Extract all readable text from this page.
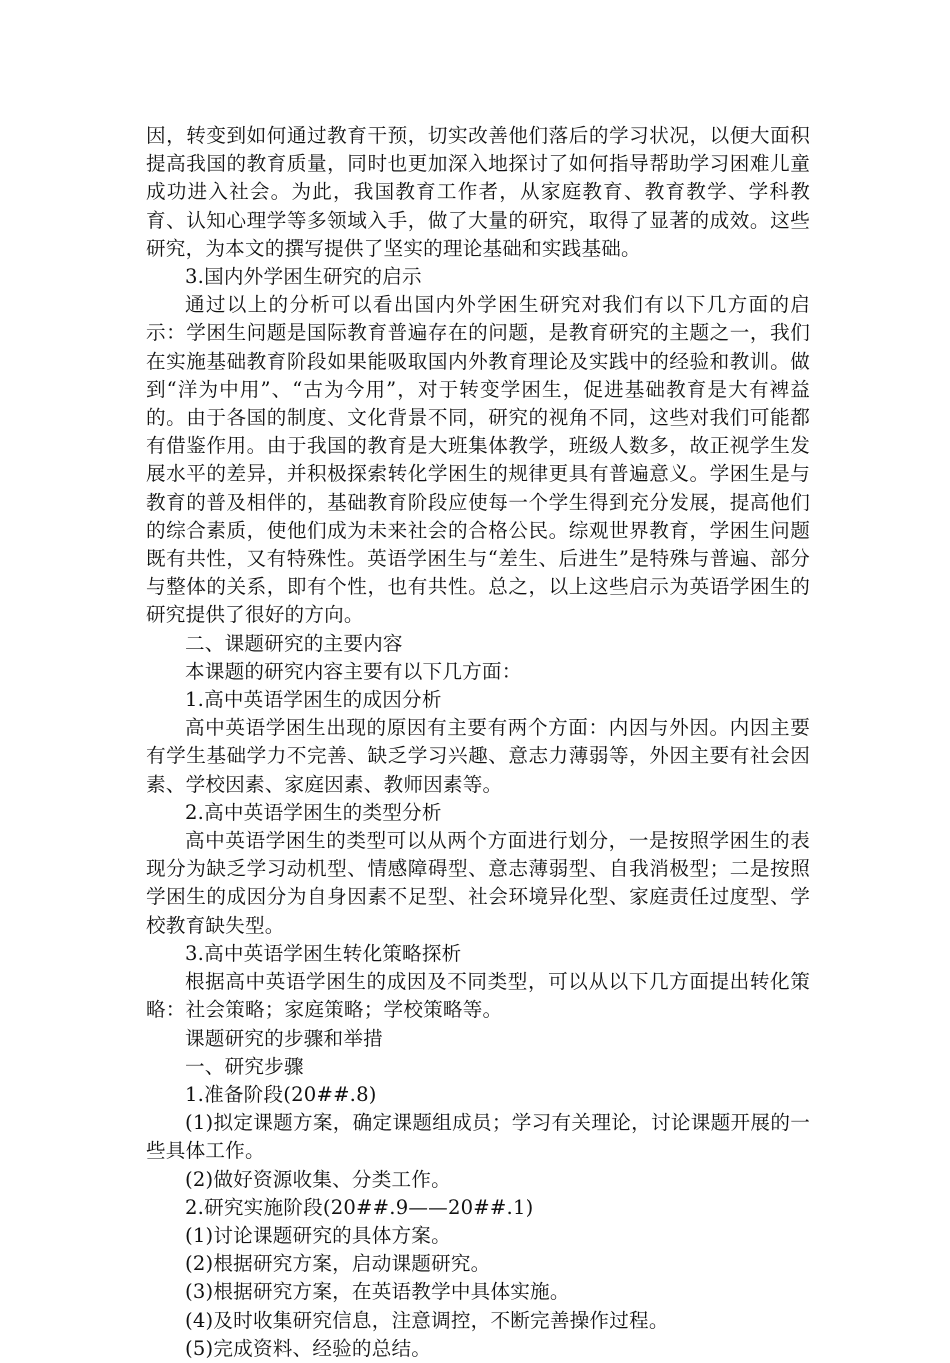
因，转变到如何通过教育干预，切实改善他们落后的学习状况，以便大面积提高我国的教育质量，同时也更加深入地探讨了如何指导帮助学习困难儿童成功进入社会。为此，我国教育工作者，从家庭教育、教育教学、学科教育、认知心理学等多领域入手，做了大量的研究，取得了显著的成效。这些研究，为本文的撰写提供了坚实的理论基础和实践基础。

3.国内外学困生研究的启示

通过以上的分析可以看出国内外学困生研究对我们有以下几方面的启示：学困生问题是国际教育普遍存在的问题，是教育研究的主题之一，我们在实施基础教育阶段如果能吸取国内外教育理论及实践中的经验和教训。做到“洋为中用”、“古为今用”，对于转变学困生，促进基础教育是大有裨益的。由于各国的制度、文化背景不同，研究的视角不同，这些对我们可能都有借鉴作用。由于我国的教育是大班集体教学，班级人数多，故正视学生发展水平的差异，并积极探索转化学困生的规律更具有普遍意义。学困生是与教育的普及相伴的，基础教育阶段应使每一个学生得到充分发展，提高他们的综合素质，使他们成为未来社会的合格公民。综观世界教育，学困生问题既有共性，又有特殊性。英语学困生与“差生、后进生”是特殊与普遍、部分与整体的关系，即有个性，也有共性。总之，以上这些启示为英语学困生的研究提供了很好的方向。

二、课题研究的主要内容

本课题的研究内容主要有以下几方面：

1.高中英语学困生的成因分析

高中英语学困生出现的原因有主要有两个方面：内因与外因。内因主要有学生基础学力不完善、缺乏学习兴趣、意志力薄弱等，外因主要有社会因素、学校因素、家庭因素、教师因素等。

2.高中英语学困生的类型分析

高中英语学困生的类型可以从两个方面进行划分，一是按照学困生的表现分为缺乏学习动机型、情感障碍型、意志薄弱型、自我消极型；二是按照学困生的成因分为自身因素不足型、社会环境异化型、家庭责任过度型、学校教育缺失型。

3.高中英语学困生转化策略探析

根据高中英语学困生的成因及不同类型，可以从以下几方面提出转化策略：社会策略；家庭策略；学校策略等。

课题研究的步骤和举措

一、研究步骤

1.准备阶段(20##.8)

(1)拟定课题方案，确定课题组成员；学习有关理论，讨论课题开展的一些具体工作。

(2)做好资源收集、分类工作。

2.研究实施阶段(20##.9——20##.1)

(1)讨论课题研究的具体方案。

(2)根据研究方案，启动课题研究。

(3)根据研究方案，在英语教学中具体实施。

(4)及时收集研究信息，注意调控，不断完善操作过程。

(5)完成资料、经验的总结。
